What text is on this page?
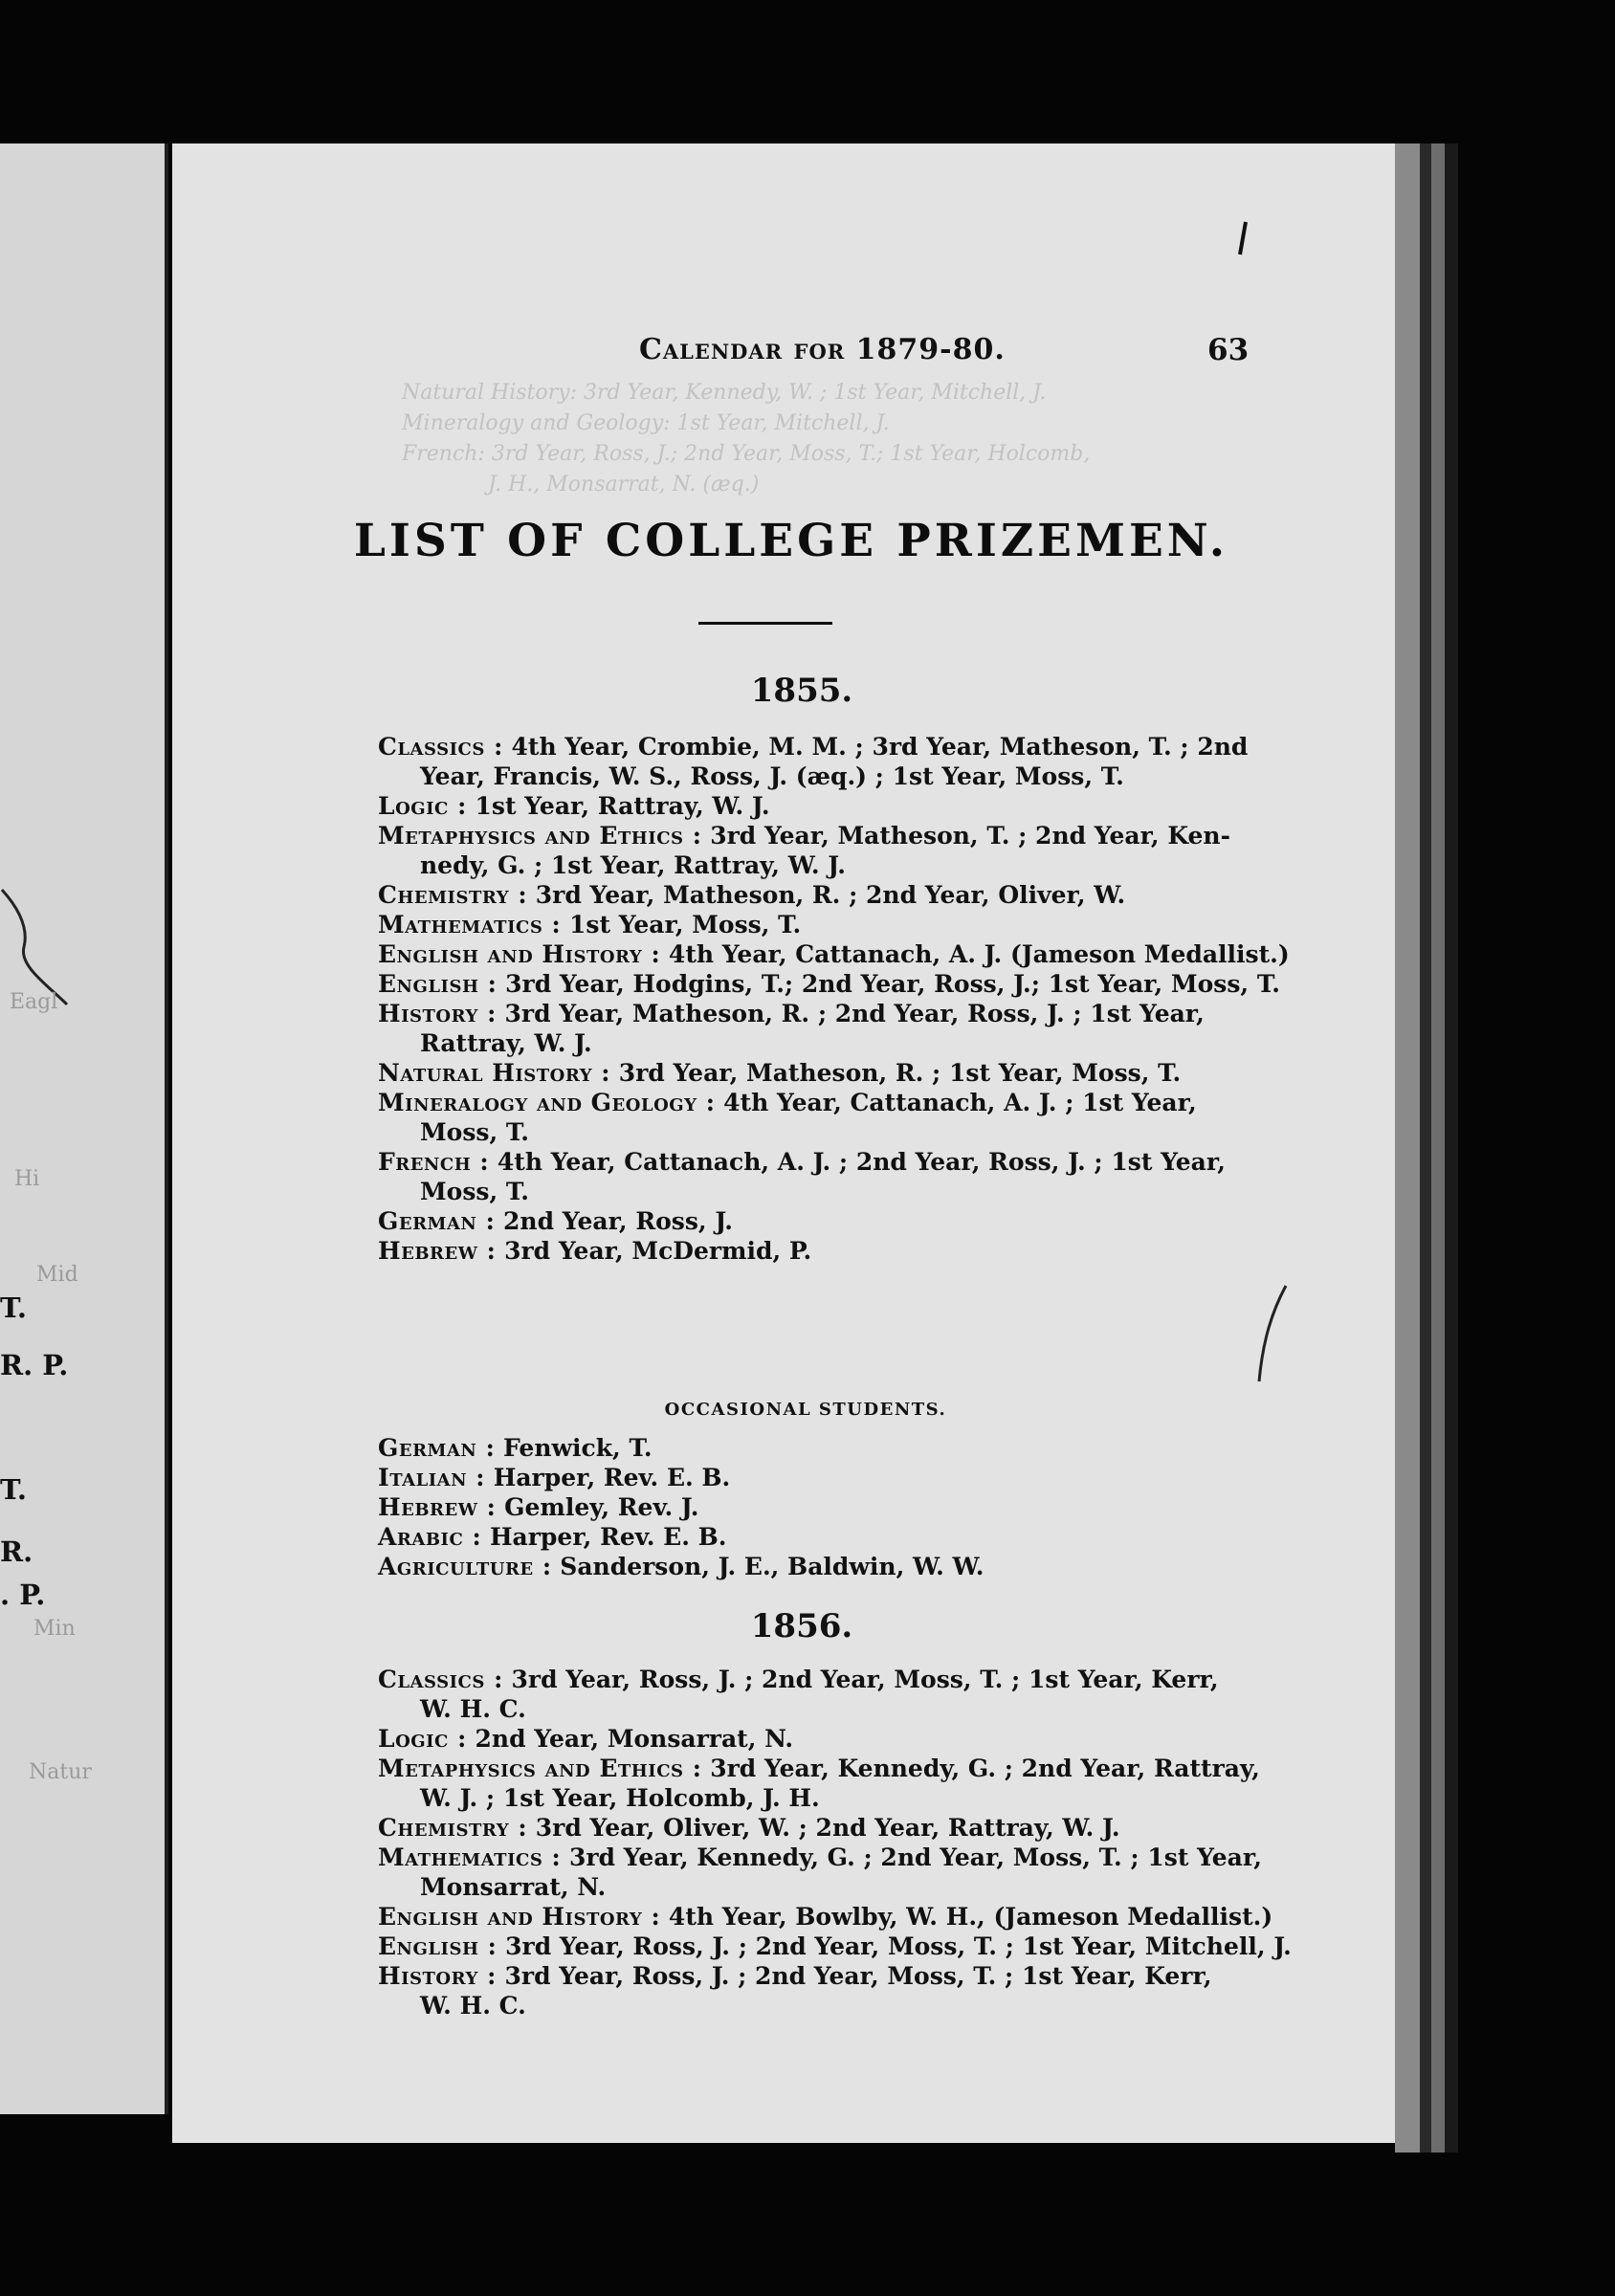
Eagl
Hi
Mid
T.
R. P.
T.
R.
. P.
Min
Natur
Natural History: 3rd Year, Kennedy, W. ; 1st Year, Mitchell, J.
Mineralogy and Geology: 1st Year, Mitchell, J.
French: 3rd Year, Ross, J.; 2nd Year, Moss, T.; 1st Year, Holcomb,
J. H., Monsarrat, N. (æq.)
Calendar for 1879-80.	63
LIST OF COLLEGE PRIZEMEN.
1855.

Classics : 4th Year, Crombie, M. M. ; 3rd Year, Matheson, T. ; 2nd
Year, Francis, W. S., Ross, J. (æq.) ; 1st Year, Moss, T.

Logic : 1st Year, Rattray, W. J.

Metaphysics and Ethics : 3rd Year, Matheson, T. ; 2nd Year, Ken-
nedy, G. ; 1st Year, Rattray, W. J.

Chemistry : 3rd Year, Matheson, R. ; 2nd Year, Oliver, W.

Mathematics : 1st Year, Moss, T.

English and History : 4th Year, Cattanach, A. J. (Jameson Medallist.)

English : 3rd Year, Hodgins, T.; 2nd Year, Ross, J.; 1st Year, Moss, T.

History : 3rd Year, Matheson, R. ; 2nd Year, Ross, J. ; 1st Year,
Rattray, W. J.

Natural History : 3rd Year, Matheson, R. ; 1st Year, Moss, T.

Mineralogy and Geology : 4th Year, Cattanach, A. J. ; 1st Year,
Moss, T.

French : 4th Year, Cattanach, A. J. ; 2nd Year, Ross, J. ; 1st Year,
Moss, T.

German : 2nd Year, Ross, J.

Hebrew : 3rd Year, McDermid, P.

OCCASIONAL STUDENTS.

German : Fenwick, T.

Italian : Harper, Rev. E. B.

Hebrew : Gemley, Rev. J.

Arabic : Harper, Rev. E. B.

Agriculture : Sanderson, J. E., Baldwin, W. W.

1856.

Classics : 3rd Year, Ross, J. ; 2nd Year, Moss, T. ; 1st Year, Kerr,
W. H. C.

Logic : 2nd Year, Monsarrat, N.

Metaphysics and Ethics : 3rd Year, Kennedy, G. ; 2nd Year, Rattray,
W. J. ; 1st Year, Holcomb, J. H.

Chemistry : 3rd Year, Oliver, W. ; 2nd Year, Rattray, W. J.

Mathematics : 3rd Year, Kennedy, G. ; 2nd Year, Moss, T. ; 1st Year,
Monsarrat, N.

English and History : 4th Year, Bowlby, W. H., (Jameson Medallist.)

English : 3rd Year, Ross, J. ; 2nd Year, Moss, T. ; 1st Year, Mitchell, J.

History : 3rd Year, Ross, J. ; 2nd Year, Moss, T. ; 1st Year, Kerr,
W. H. C.
